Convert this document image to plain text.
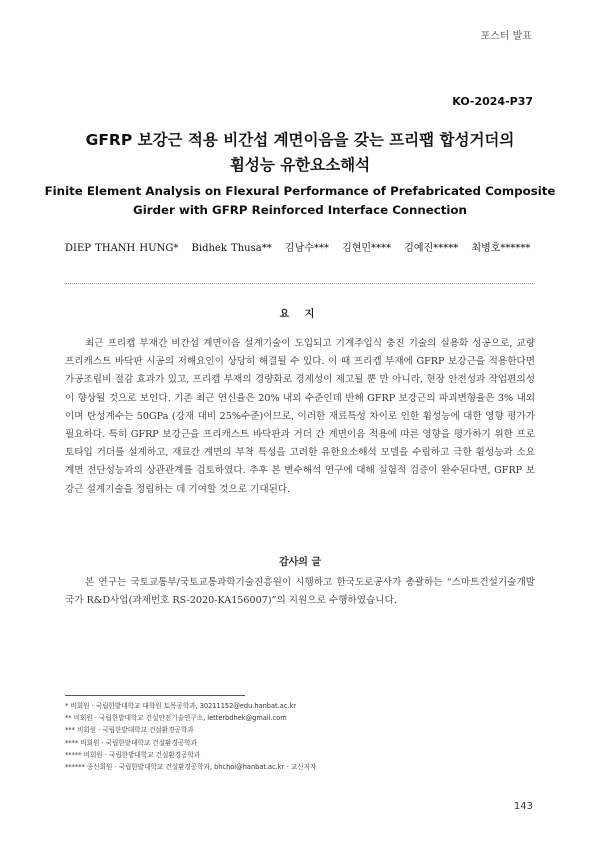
포스터 발표
KO-2024-P37
GFRP 보강근 적용 비간섭 계면이음을 갖는 프리팹 합성거더의
휨성능 유한요소해석
Finite Element Analysis on Flexural Performance of Prefabricated Composite
Girder with GFRP Reinforced Interface Connection
DIEP THANH HUNG* Bidhek Thusa** 김남수*** 김현민**** 김예진***** 최병호******
요 지
최근 프리캡 부재간 비간섭 계면이음 설계기술이 도입되고 기계주입식 충진 기술의 실용화 성공으로, 교량 프리캐스트 바닥판 시공의 저해요인이 상당히 해결될 수 있다. 이 때 프리캡 부재에 GFRP 보강근을 적용한다면 가공조립비 절감 효과가 있고, 프리캡 부재의 경량화로 경제성이 제고될 뿐 만 아니라, 현장 안전성과 작업편의성이 향상될 것으로 보인다. 기존 최근 연신율은 20% 내외 수준인데 반해 GFRP 보강근의 파괴변형율은 3% 내외이며 탄성계수는 50GPa (강재 대비 25%수준)이므로, 이러한 재료특성 차이로 인한 휨성능에 대한 영향 평가가 필요하다. 특히 GFRP 보강근을 프리캐스트 바닥판과 거더 간 계면이음 적용에 따른 영향을 평가하기 위한 프로토타입 거더를 설계하고, 재료간 계면의 부착 특성을 고려한 유한요소해석 모델을 수립하고 극한 휨성능과 소요 계면 전단성능과의 상관관계를 검토하였다. 추후 본 변수해석 연구에 대해 실험적 검증이 완수된다면, GFRP 보강근 설계기술을 정립하는 데 기여할 것으로 기대된다.
감사의 글
본 연구는 국토교통부/국토교통과학기술진흥원이 시행하고 한국도로공사가 총괄하는 “스마트건설기술개발 국가 R&D사업(과제번호 RS-2020-KA156007)”의 지원으로 수행하였습니다.
* 비회원 · 국립한밭대학교 대학원 토목공학과, 30211152@edu.hanbat.ac.kr
** 비회원 · 국립한밭대학교 건설안전기술연구소, letterbdhek@gmail.com
*** 비회원 · 국립한밭대학교 건설환경공학과
**** 비회원 · 국립한밭대학교 건설환경공학과
***** 비회원 · 국립한밭대학교 건설환경공학과
****** 종신회원 · 국립한밭대학교 건설환경공학과, bhchoi@hanbat.ac.kr - 교신저자
143
